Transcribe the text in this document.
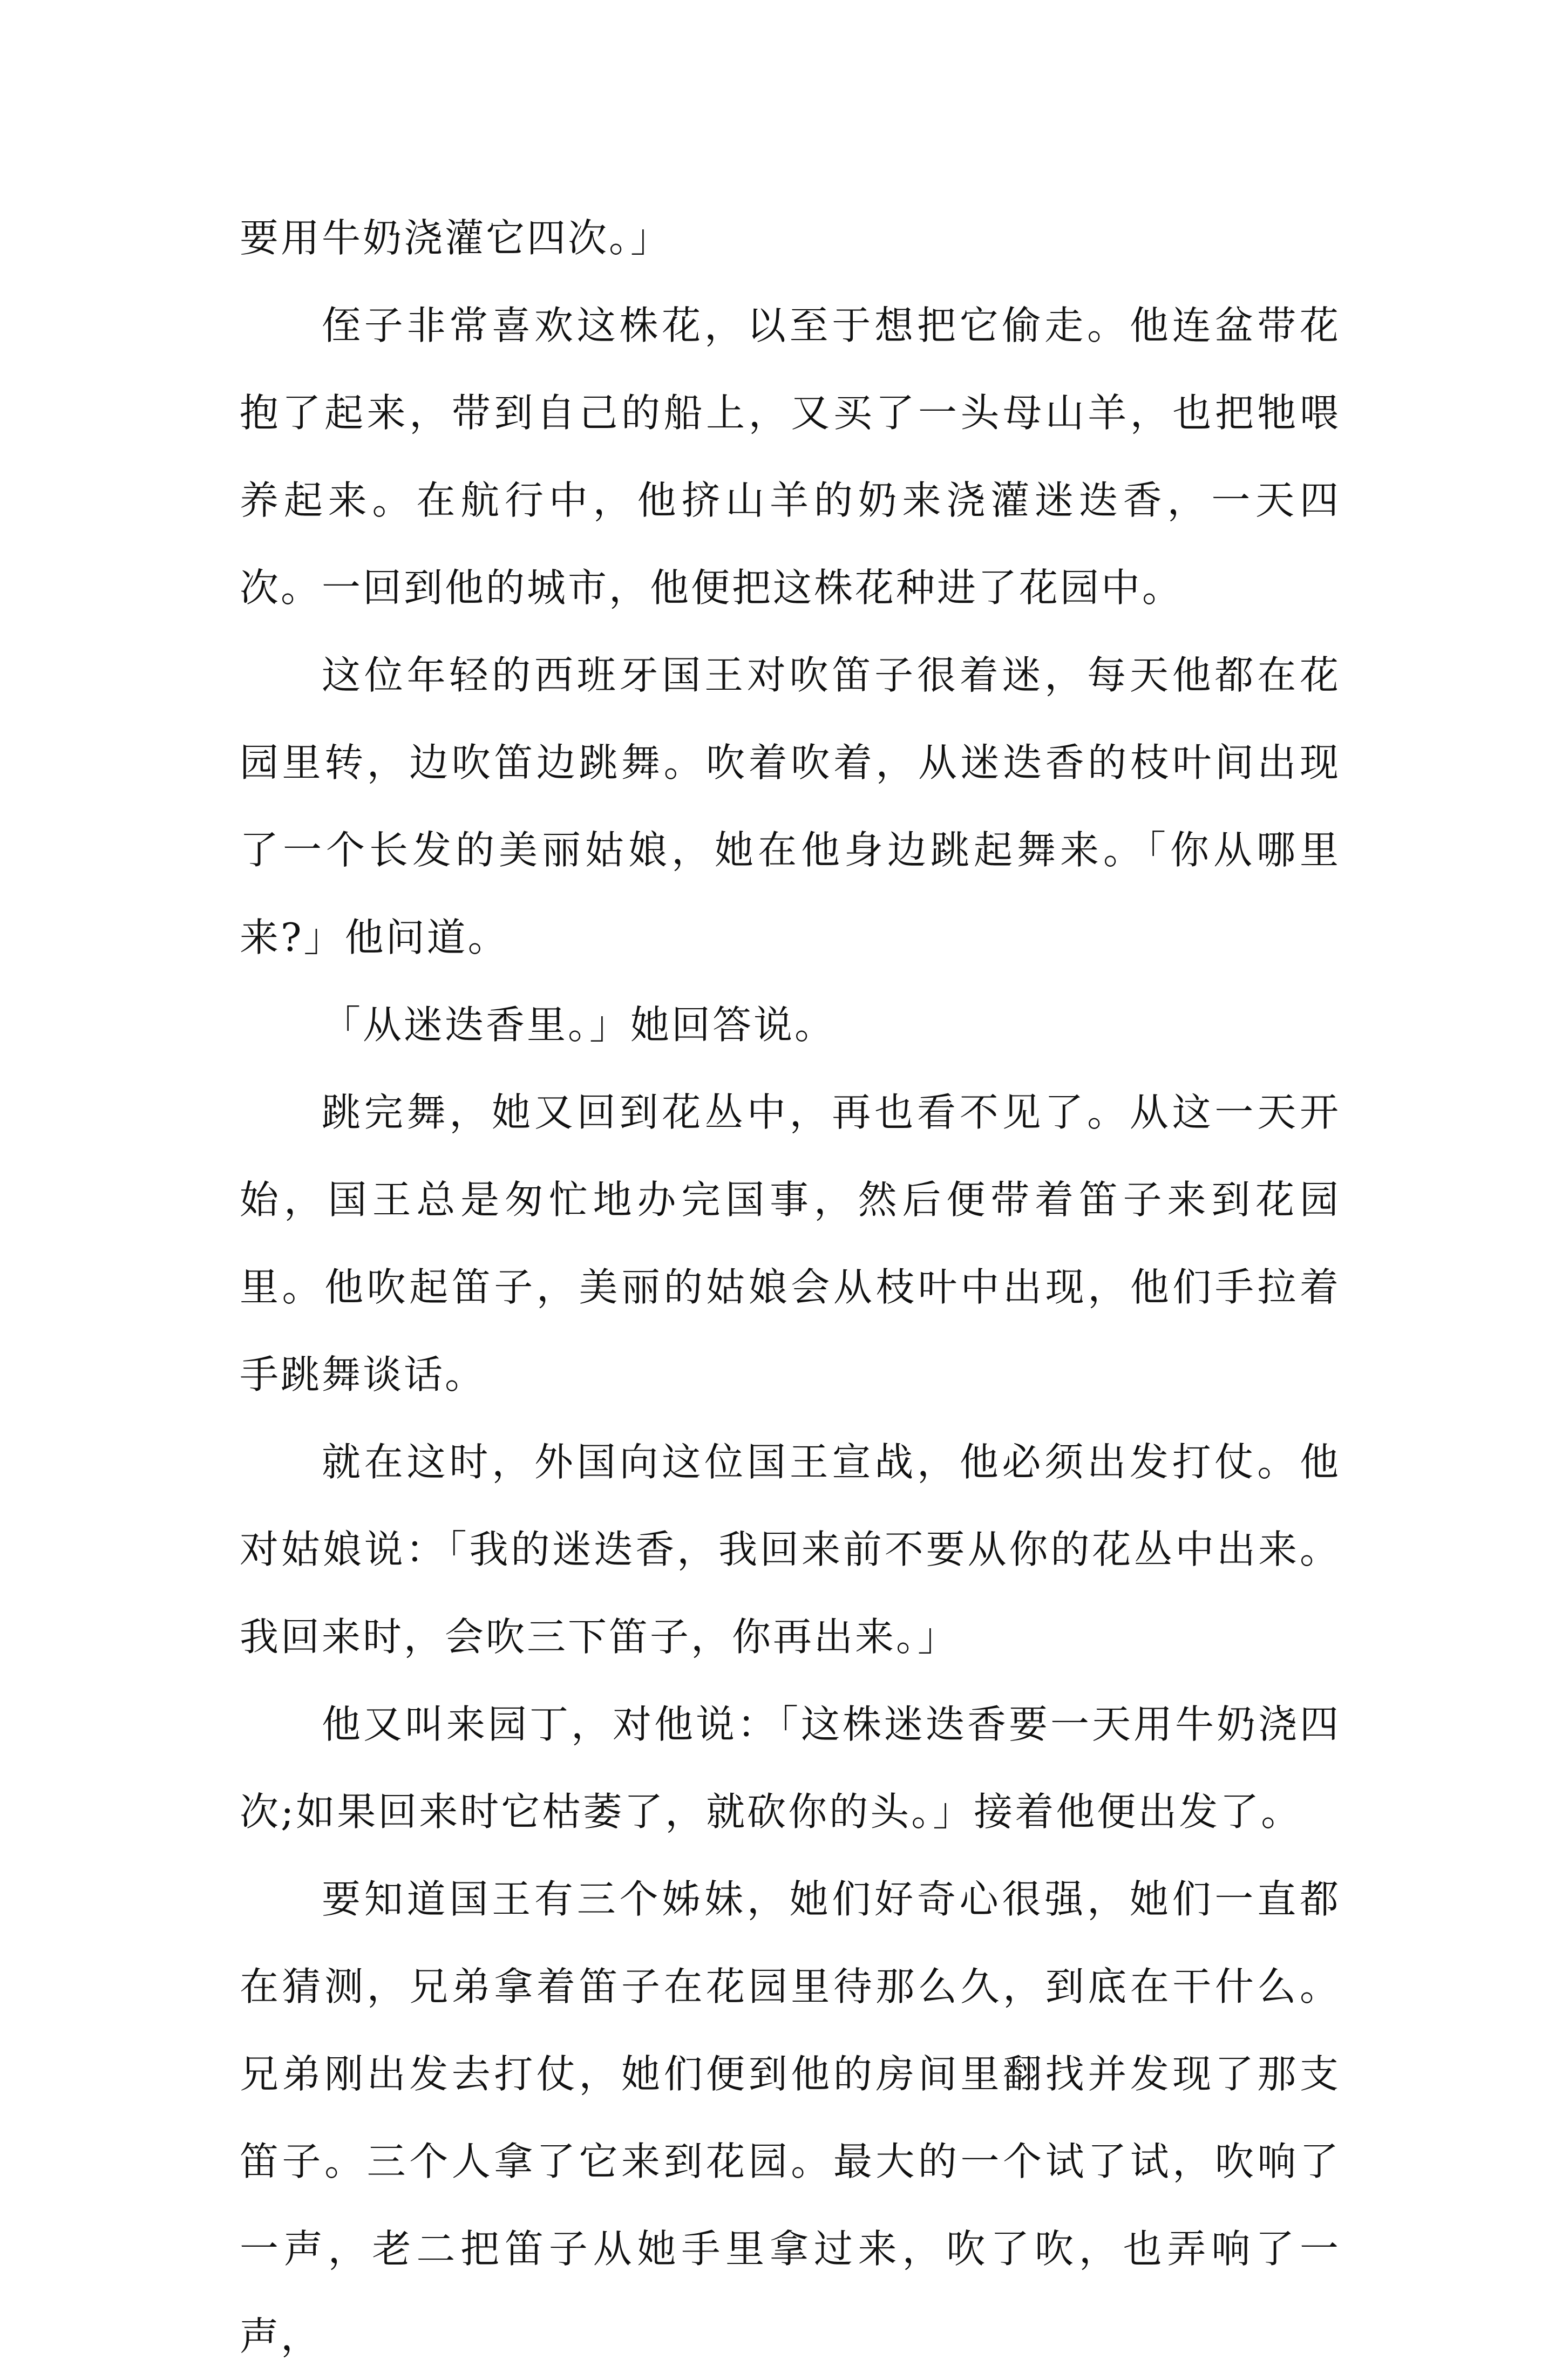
要用牛奶浇灌它四次。」

侄子非常喜欢这株花，以至于想把它偷走。他连盆带花抱了起来，带到自己的船上，又买了一头母山羊，也把牠喂养起来。在航行中，他挤山羊的奶来浇灌迷迭香，一天四次。一回到他的城市，他便把这株花种进了花园中。

这位年轻的西班牙国王对吹笛子很着迷，每天他都在花园里转，边吹笛边跳舞。吹着吹着，从迷迭香的枝叶间出现了一个长发的美丽姑娘，她在他身边跳起舞来。「你从哪里来?」他问道。

「从迷迭香里。」她回答说。

跳完舞，她又回到花丛中，再也看不见了。从这一天开始，国王总是匆忙地办完国事，然后便带着笛子来到花园里。他吹起笛子，美丽的姑娘会从枝叶中出现，他们手拉着手跳舞谈话。

就在这时，外国向这位国王宣战，他必须出发打仗。他对姑娘说：「我的迷迭香，我回来前不要从你的花丛中出来。我回来时，会吹三下笛子，你再出来。」

他又叫来园丁，对他说：「这株迷迭香要一天用牛奶浇四次;如果回来时它枯萎了，就砍你的头。」接着他便出发了。

要知道国王有三个姊妹，她们好奇心很强，她们一直都在猜测，兄弟拿着笛子在花园里待那么久，到底在干什么。兄弟刚出发去打仗，她们便到他的房间里翻找并发现了那支笛子。三个人拿了它来到花园。最大的一个试了试，吹响了一声，老二把笛子从她手里拿过来，吹了吹，也弄响了一声，
